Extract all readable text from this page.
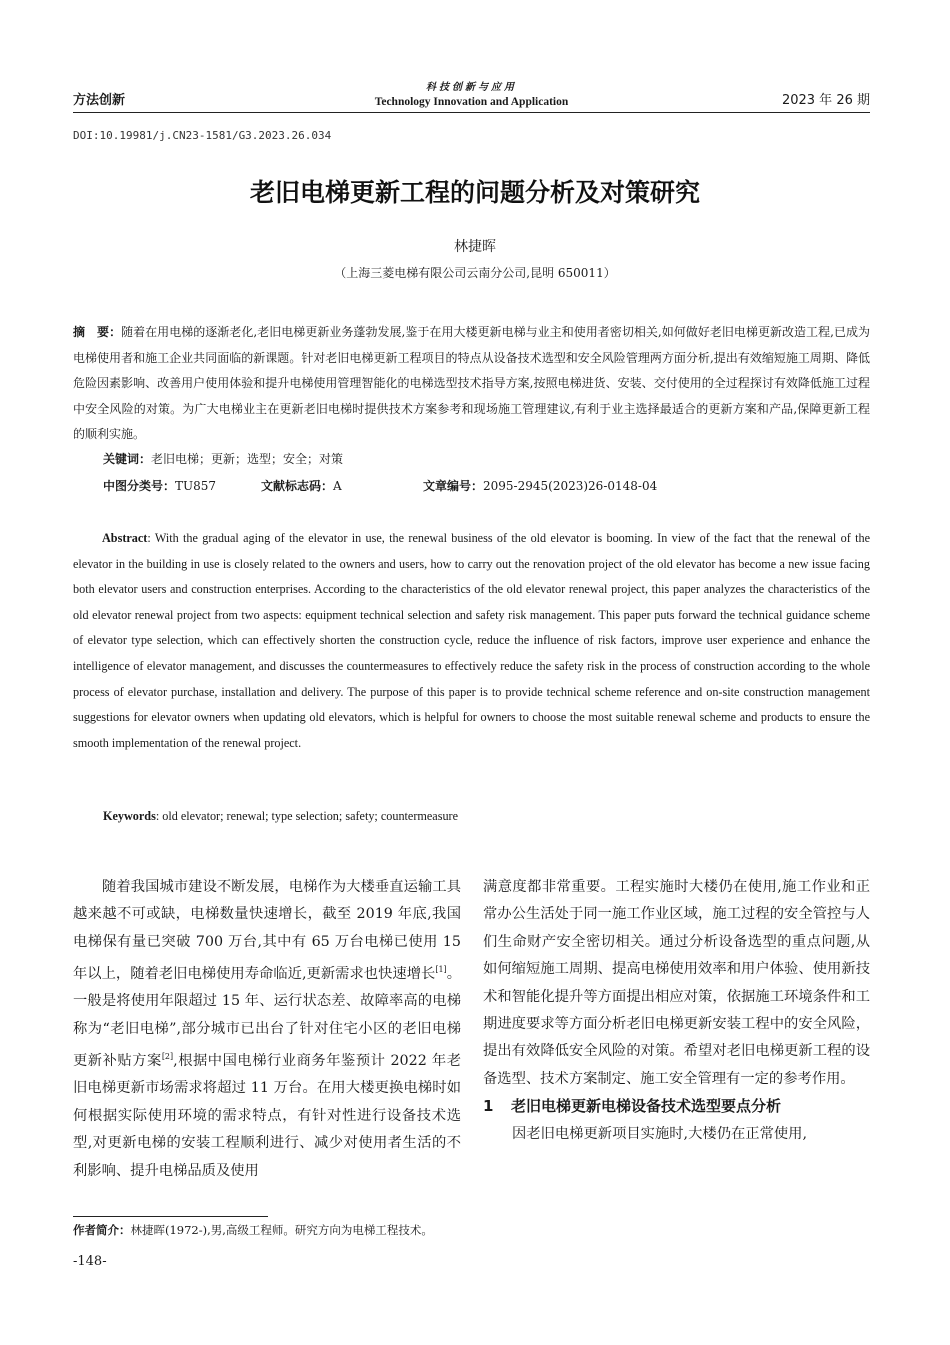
方法创新
科技创新与应用
Technology Innovation and Application	2023 年 26 期
DOI:10.19981/j.CN23-1581/G3.2023.26.034
老旧电梯更新工程的问题分析及对策研究
林捷晖
（上海三菱电梯有限公司云南分公司,昆明 650011）
摘　要：随着在用电梯的逐渐老化,老旧电梯更新业务蓬勃发展,鉴于在用大楼更新电梯与业主和使用者密切相关,如何做好老旧电梯更新改造工程,已成为电梯使用者和施工企业共同面临的新课题。针对老旧电梯更新工程项目的特点从设备技术选型和安全风险管理两方面分析,提出有效缩短施工周期、降低危险因素影响、改善用户使用体验和提升电梯使用管理智能化的电梯选型技术指导方案,按照电梯进货、安装、交付使用的全过程探讨有效降低施工过程中安全风险的对策。为广大电梯业主在更新老旧电梯时提供技术方案参考和现场施工管理建议,有利于业主选择最适合的更新方案和产品,保障更新工程的顺利实施。
关键词：老旧电梯；更新；选型；安全；对策
中图分类号：TU857	文献标志码：A	文章编号：2095-2945(2023)26-0148-04
Abstract: With the gradual aging of the elevator in use, the renewal business of the old elevator is booming. In view of the fact that the renewal of the elevator in the building in use is closely related to the owners and users, how to carry out the renovation project of the old elevator has become a new issue facing both elevator users and construction enterprises. According to the characteristics of the old elevator renewal project, this paper analyzes the characteristics of the old elevator renewal project from two aspects: equipment technical selection and safety risk management. This paper puts forward the technical guidance scheme of elevator type selection, which can effectively shorten the construction cycle, reduce the influence of risk factors, improve user experience and enhance the intelligence of elevator management, and discusses the countermeasures to effectively reduce the safety risk in the process of construction according to the whole process of elevator purchase, installation and delivery. The purpose of this paper is to provide technical scheme reference and on-site construction management suggestions for elevator owners when updating old elevators, which is helpful for owners to choose the most suitable renewal scheme and products to ensure the smooth implementation of the renewal project.
Keywords: old elevator; renewal; type selection; safety; countermeasure

随着我国城市建设不断发展，电梯作为大楼垂直运输工具越来越不可或缺，电梯数量快速增长，截至 2019 年底,我国电梯保有量已突破 700 万台,其中有 65 万台电梯已使用 15 年以上，随着老旧电梯使用寿命临近,更新需求也快速增长[1]。一般是将使用年限超过 15 年、运行状态差、故障率高的电梯称为“老旧电梯”,部分城市已出台了针对住宅小区的老旧电梯更新补贴方案[2],根据中国电梯行业商务年鉴预计 2022 年老旧电梯更新市场需求将超过 11 万台。在用大楼更换电梯时如何根据实际使用环境的需求特点，有针对性进行设备技术选型,对更新电梯的安装工程顺利进行、减少对使用者生活的不利影响、提升电梯品质及使用

满意度都非常重要。工程实施时大楼仍在使用,施工作业和正常办公生活处于同一施工作业区域，施工过程的安全管控与人们生命财产安全密切相关。通过分析设备选型的重点问题,从如何缩短施工周期、提高电梯使用效率和用户体验、使用新技术和智能化提升等方面提出相应对策，依据施工环境条件和工期进度要求等方面分析老旧电梯更新安装工程中的安全风险，提出有效降低安全风险的对策。希望对老旧电梯更新工程的设备选型、技术方案制定、施工安全管理有一定的参考作用。

1 老旧电梯更新电梯设备技术选型要点分析

因老旧电梯更新项目实施时,大楼仍在正常使用,

作者简介：林捷晖(1972-),男,高级工程师。研究方向为电梯工程技术。
-148-
